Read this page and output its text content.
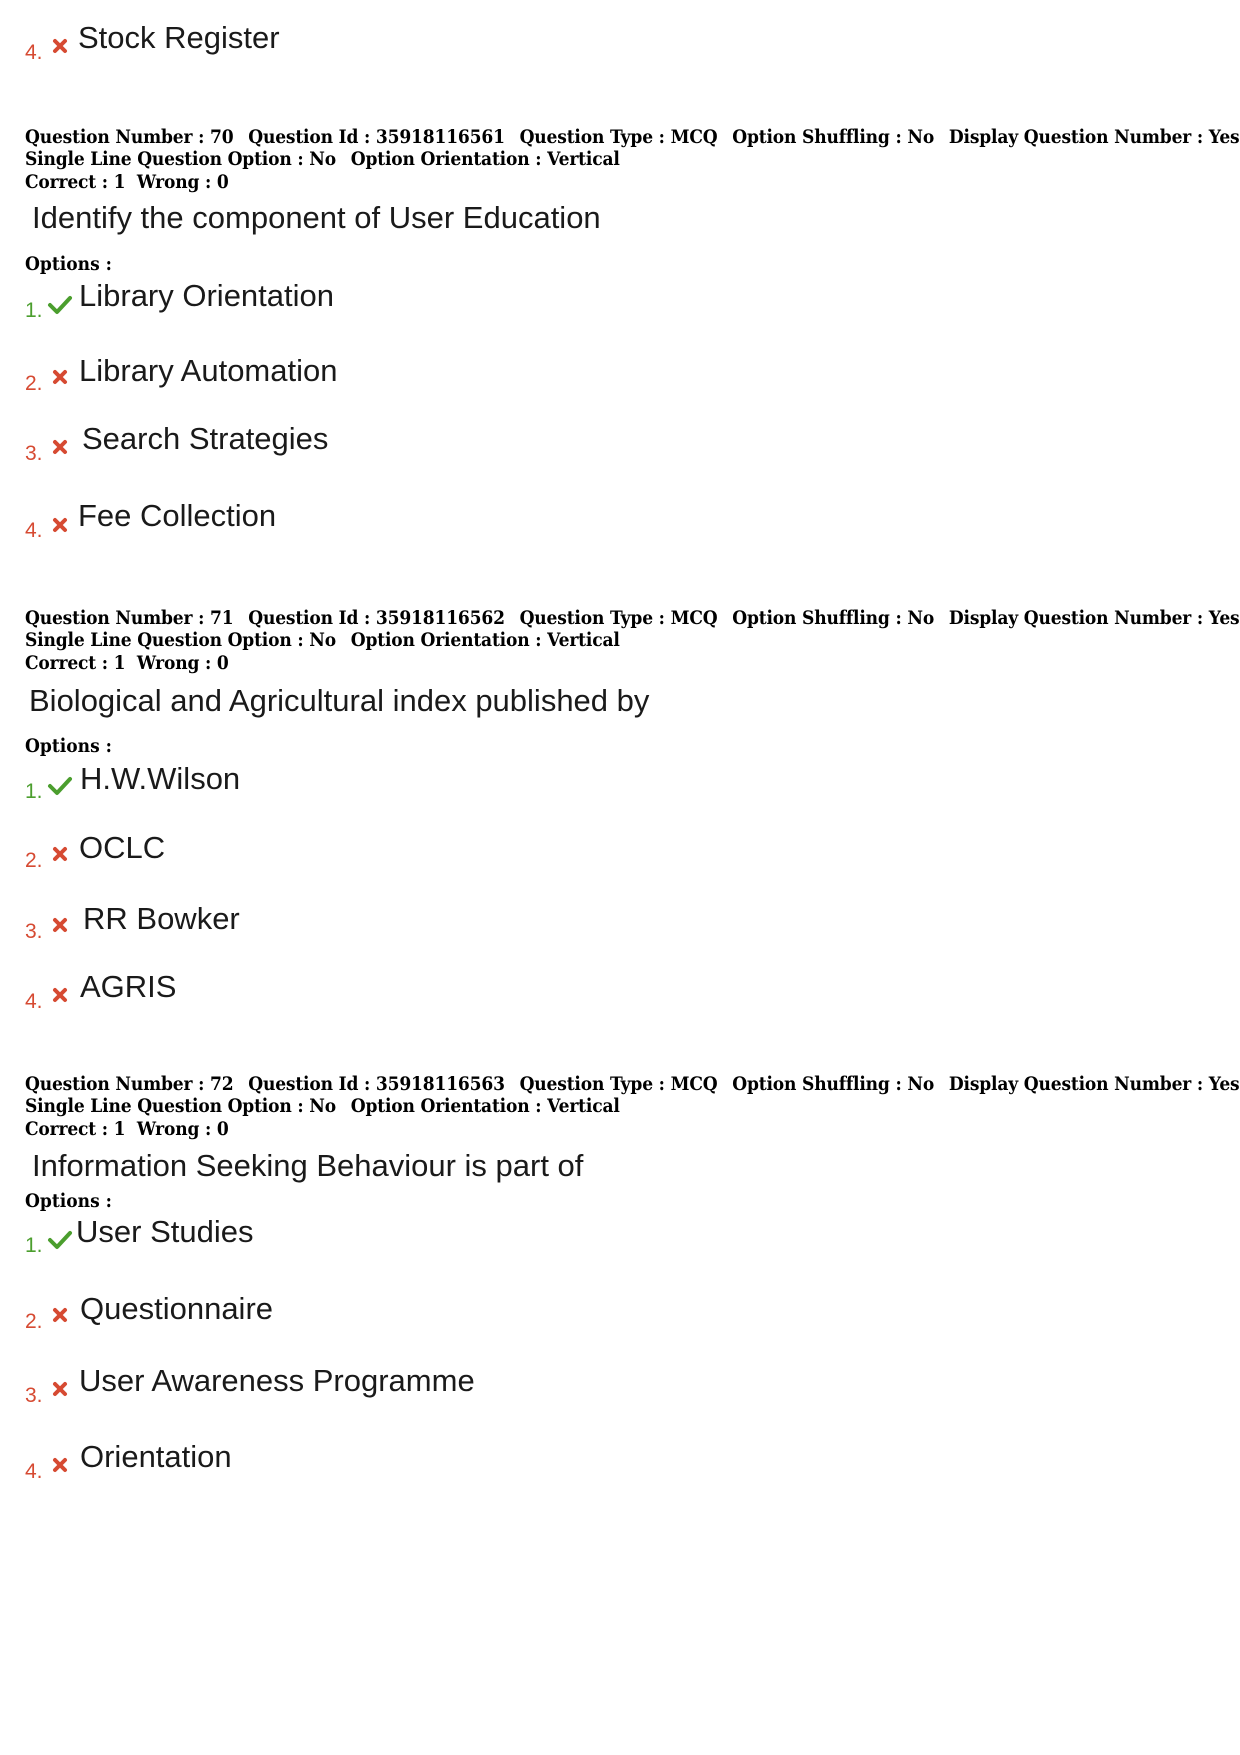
4. Stock Register
Question Number : 70 Question Id : 35918116561 Question Type : MCQ Option Shuffling : No Display Question Number : Yes
Single Line Question Option : No Option Orientation : Vertical
Correct : 1  Wrong : 0
Identify the component of User Education
Options :
1. Library Orientation
2. Library Automation
3. Search Strategies
4. Fee Collection
Question Number : 71 Question Id : 35918116562 Question Type : MCQ Option Shuffling : No Display Question Number : Yes
Single Line Question Option : No Option Orientation : Vertical
Correct : 1  Wrong : 0
Biological and Agricultural index published by
Options :
1. H.W.Wilson
2. OCLC
3. RR Bowker
4. AGRIS
Question Number : 72 Question Id : 35918116563 Question Type : MCQ Option Shuffling : No Display Question Number : Yes
Single Line Question Option : No Option Orientation : Vertical
Correct : 1  Wrong : 0
Information Seeking Behaviour is part of
Options :
1. User Studies
2. Questionnaire
3. User Awareness Programme
4. Orientation
